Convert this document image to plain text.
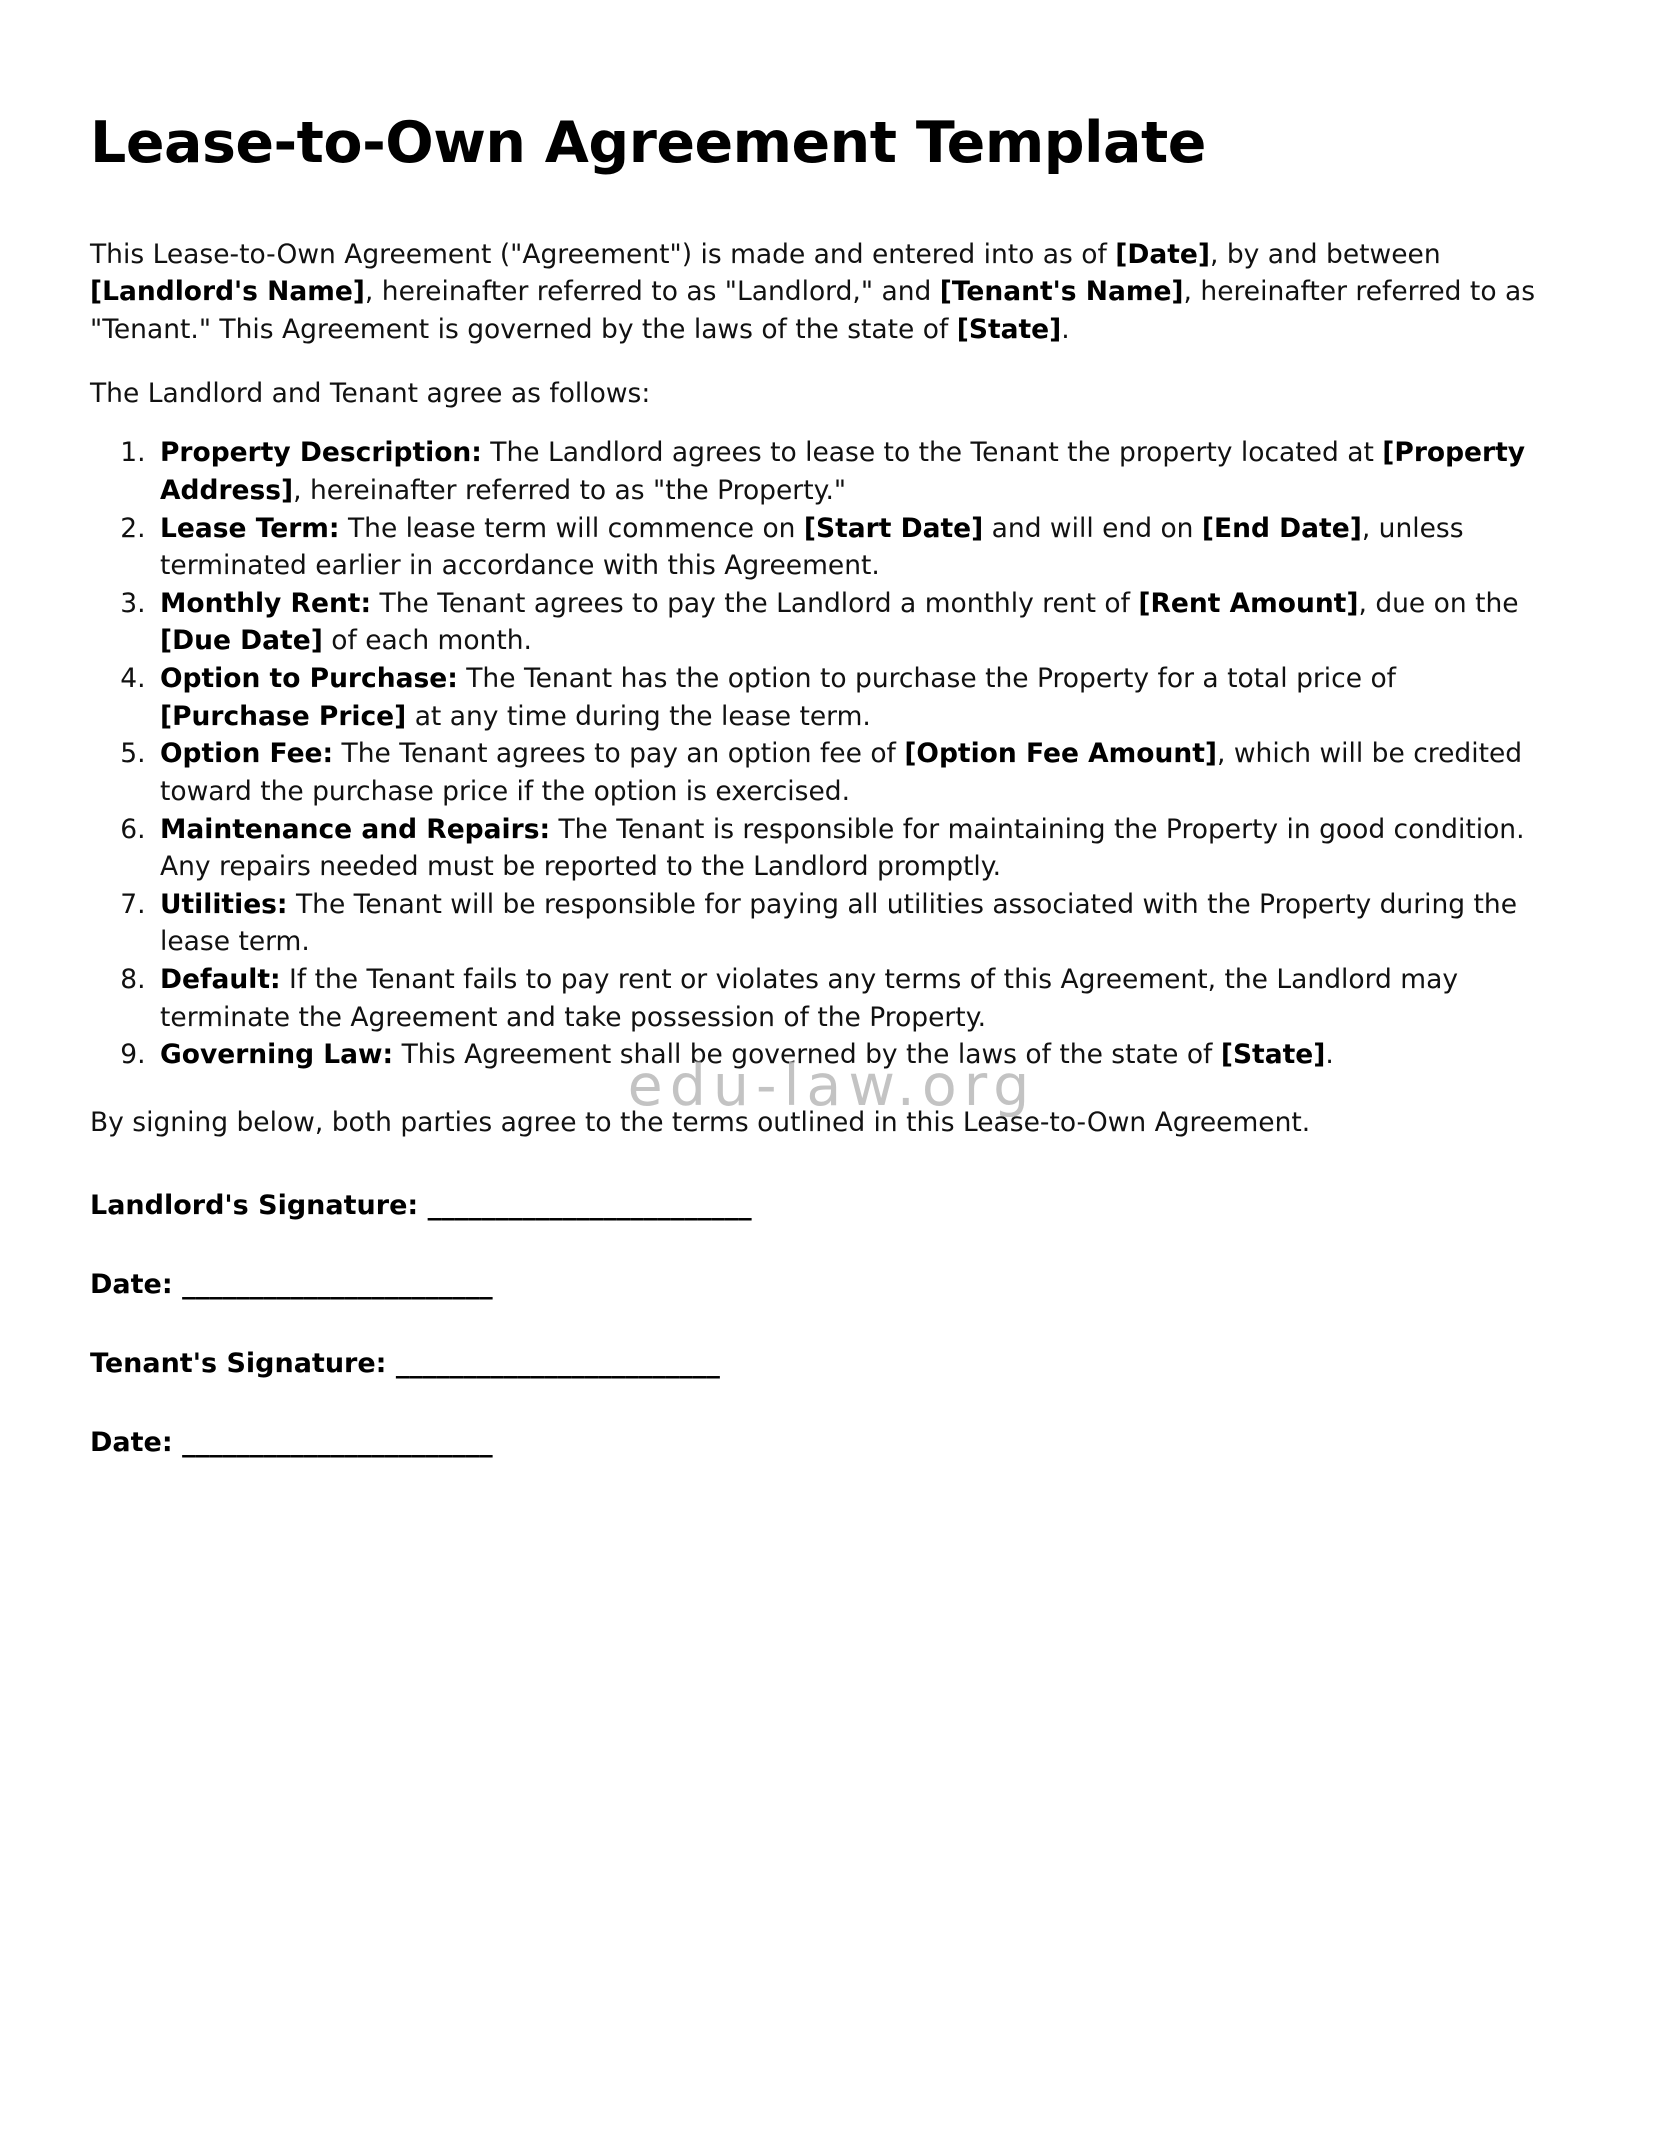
Lease-to-Own Agreement Template

This Lease-to-Own Agreement ("Agreement") is made and entered into as of [Date], by and between [Landlord's Name], hereinafter referred to as "Landlord," and [Tenant's Name], hereinafter referred to as "Tenant." This Agreement is governed by the laws of the state of [State].

The Landlord and Tenant agree as follows:

1. Property Description: The Landlord agrees to lease to the Tenant the property located at [Property Address], hereinafter referred to as "the Property."
2. Lease Term: The lease term will commence on [Start Date] and will end on [End Date], unless terminated earlier in accordance with this Agreement.
3. Monthly Rent: The Tenant agrees to pay the Landlord a monthly rent of [Rent Amount], due on the [Due Date] of each month.
4. Option to Purchase: The Tenant has the option to purchase the Property for a total price of [Purchase Price] at any time during the lease term.
5. Option Fee: The Tenant agrees to pay an option fee of [Option Fee Amount], which will be credited toward the purchase price if the option is exercised.
6. Maintenance and Repairs: The Tenant is responsible for maintaining the Property in good condition. Any repairs needed must be reported to the Landlord promptly.
7. Utilities: The Tenant will be responsible for paying all utilities associated with the Property during the lease term.
8. Default: If the Tenant fails to pay rent or violates any terms of this Agreement, the Landlord may terminate the Agreement and take possession of the Property.
9. Governing Law: This Agreement shall be governed by the laws of the state of [State].

By signing below, both parties agree to the terms outlined in this Lease-to-Own Agreement.

Landlord's Signature: ________________________
Date: _______________________
Tenant's Signature: ________________________
Date: _______________________
edu-law.org
